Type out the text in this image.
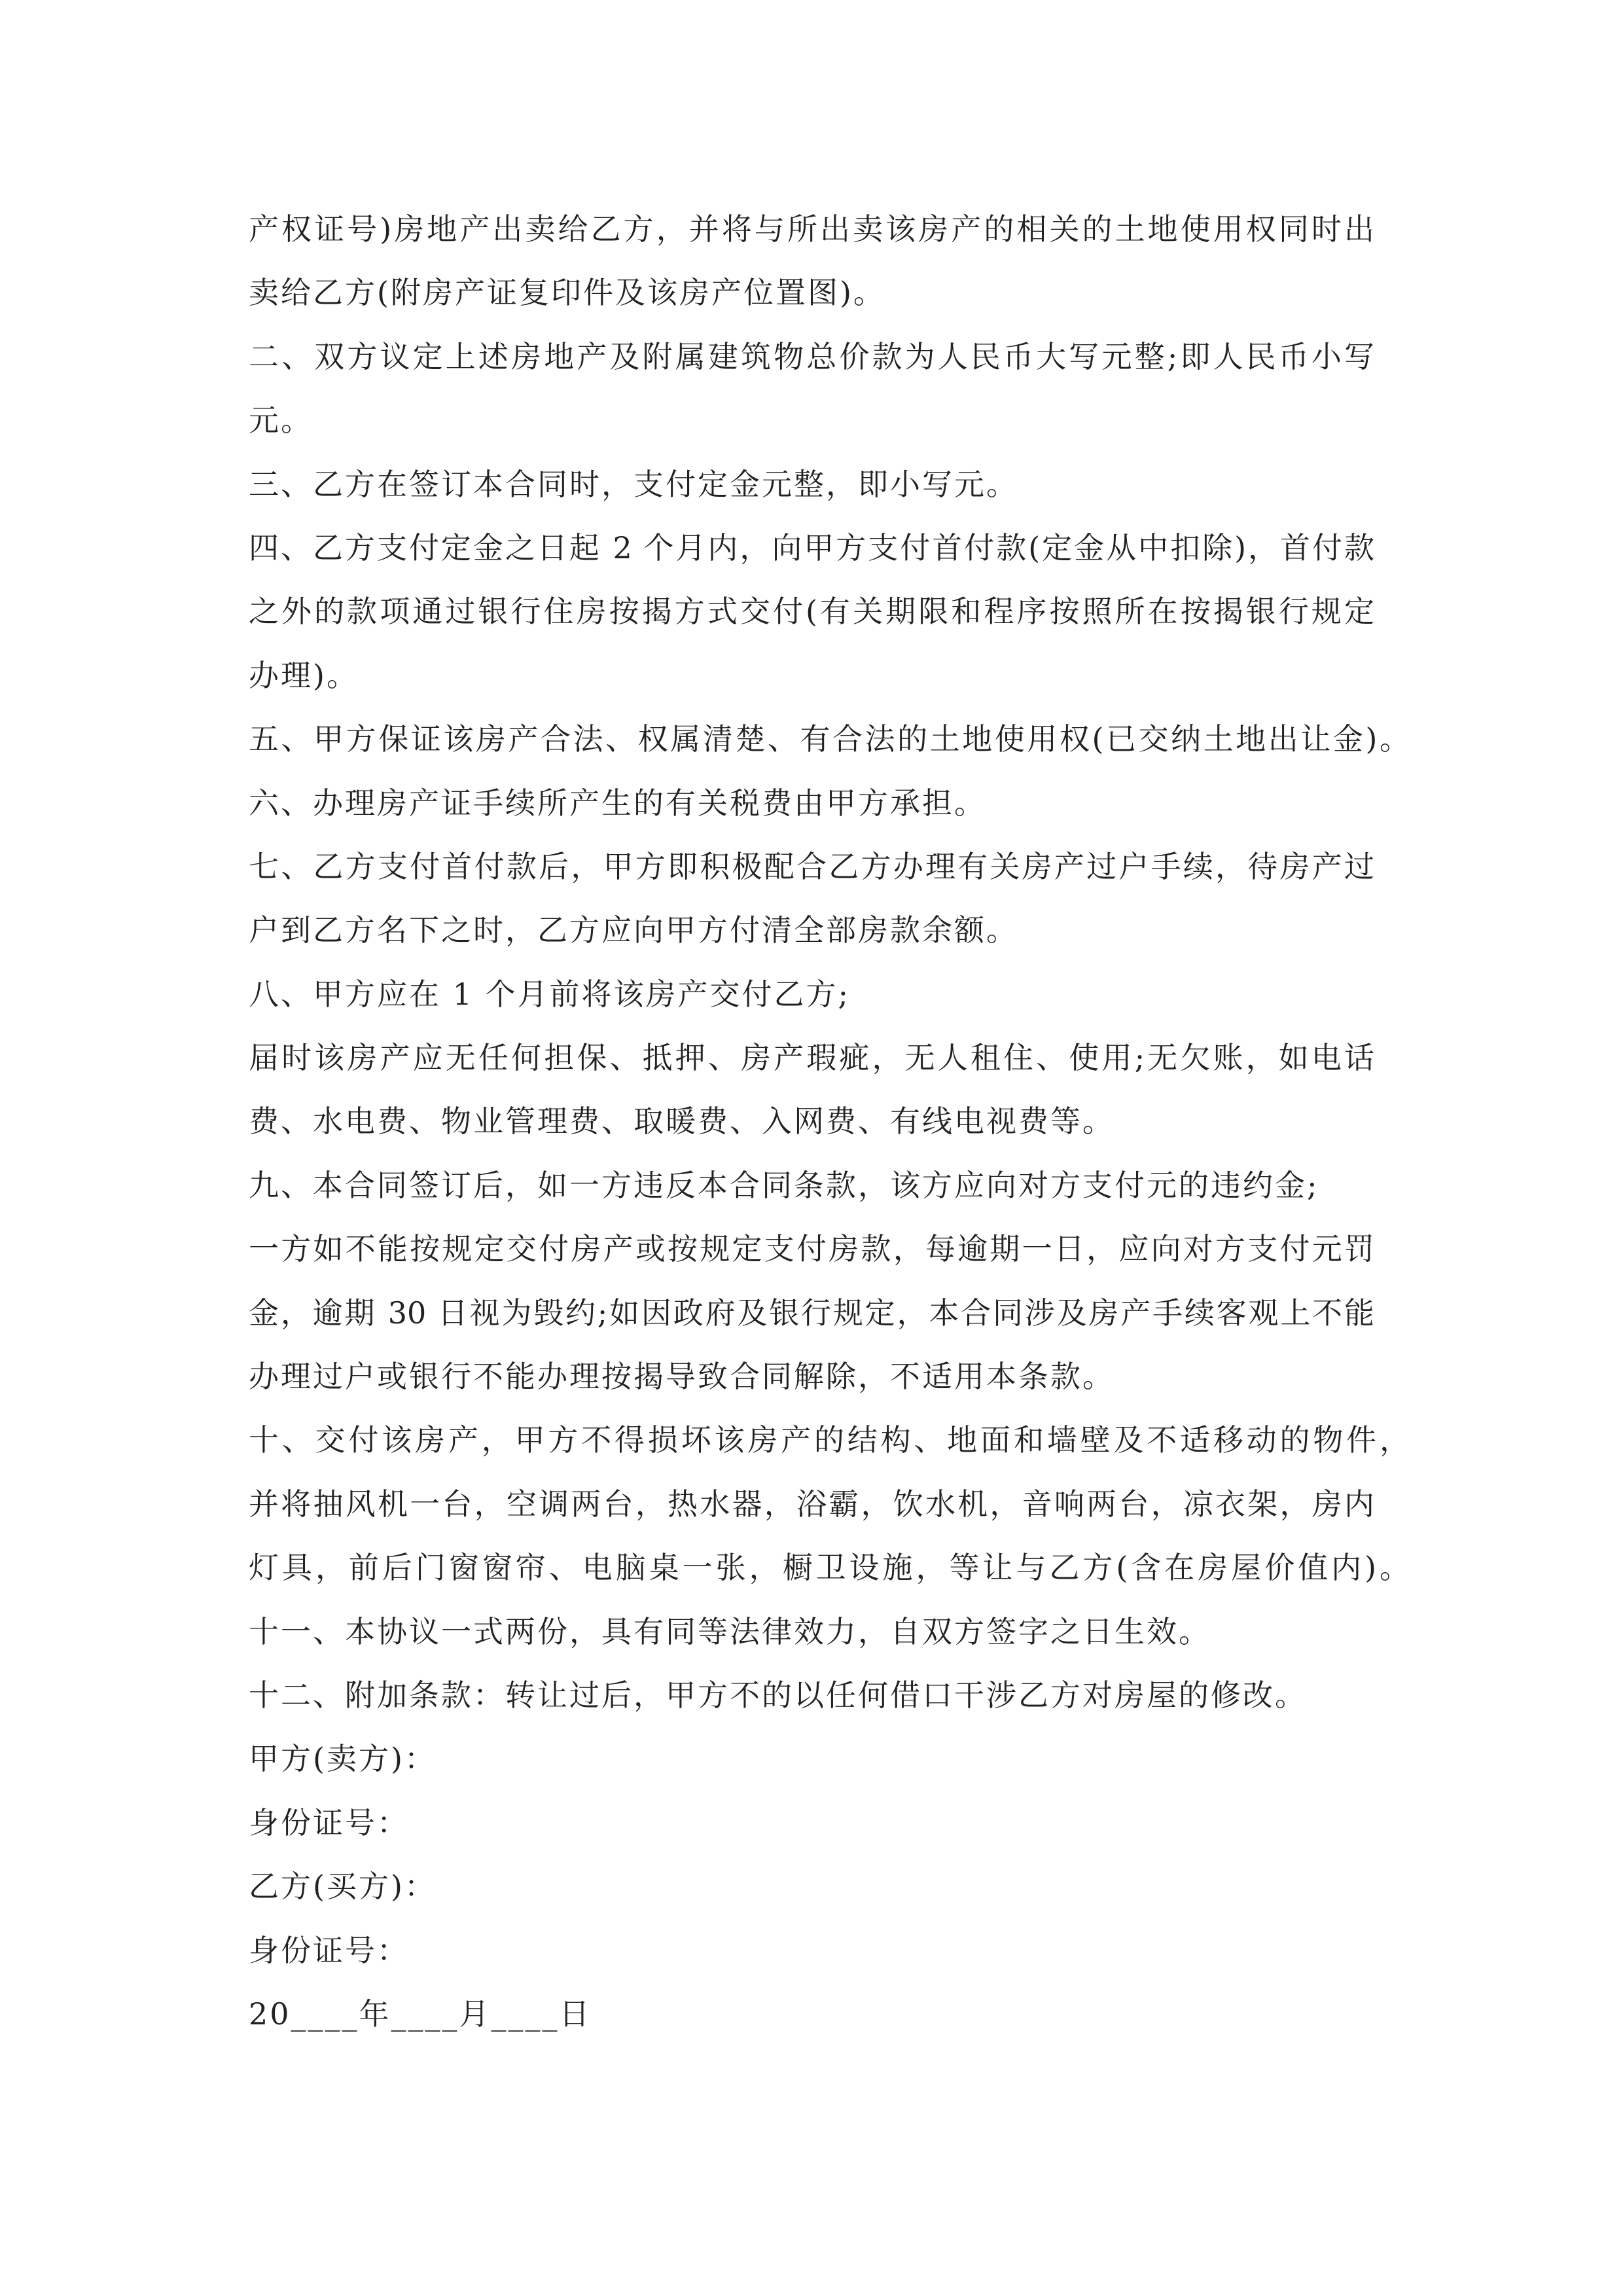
产权证号)房地产出卖给乙方，并将与所出卖该房产的相关的土地使用权同时出
卖给乙方(附房产证复印件及该房产位置图)。
二、双方议定上述房地产及附属建筑物总价款为人民币大写元整;即人民币小写
元。
三、乙方在签订本合同时，支付定金元整，即小写元。
四、乙方支付定金之日起 2 个月内，向甲方支付首付款(定金从中扣除)，首付款
之外的款项通过银行住房按揭方式交付(有关期限和程序按照所在按揭银行规定
办理)。
五、甲方保证该房产合法、权属清楚、有合法的土地使用权(已交纳土地出让金)。
六、办理房产证手续所产生的有关税费由甲方承担。
七、乙方支付首付款后，甲方即积极配合乙方办理有关房产过户手续，待房产过
户到乙方名下之时，乙方应向甲方付清全部房款余额。
八、甲方应在 1 个月前将该房产交付乙方;
届时该房产应无任何担保、抵押、房产瑕疵，无人租住、使用;无欠账，如电话
费、水电费、物业管理费、取暖费、入网费、有线电视费等。
九、本合同签订后，如一方违反本合同条款，该方应向对方支付元的违约金;
一方如不能按规定交付房产或按规定支付房款，每逾期一日，应向对方支付元罚
金，逾期 30 日视为毁约;如因政府及银行规定，本合同涉及房产手续客观上不能
办理过户或银行不能办理按揭导致合同解除，不适用本条款。
十、交付该房产，甲方不得损坏该房产的结构、地面和墙壁及不适移动的物件，
并将抽风机一台，空调两台，热水器，浴霸，饮水机，音响两台，凉衣架，房内
灯具，前后门窗窗帘、电脑桌一张，橱卫设施，等让与乙方(含在房屋价值内)。
十一、本协议一式两份，具有同等法律效力，自双方签字之日生效。
十二、附加条款：转让过后，甲方不的以任何借口干涉乙方对房屋的修改。
甲方(卖方)：
身份证号：
乙方(买方)：
身份证号：
20____年____月____日
